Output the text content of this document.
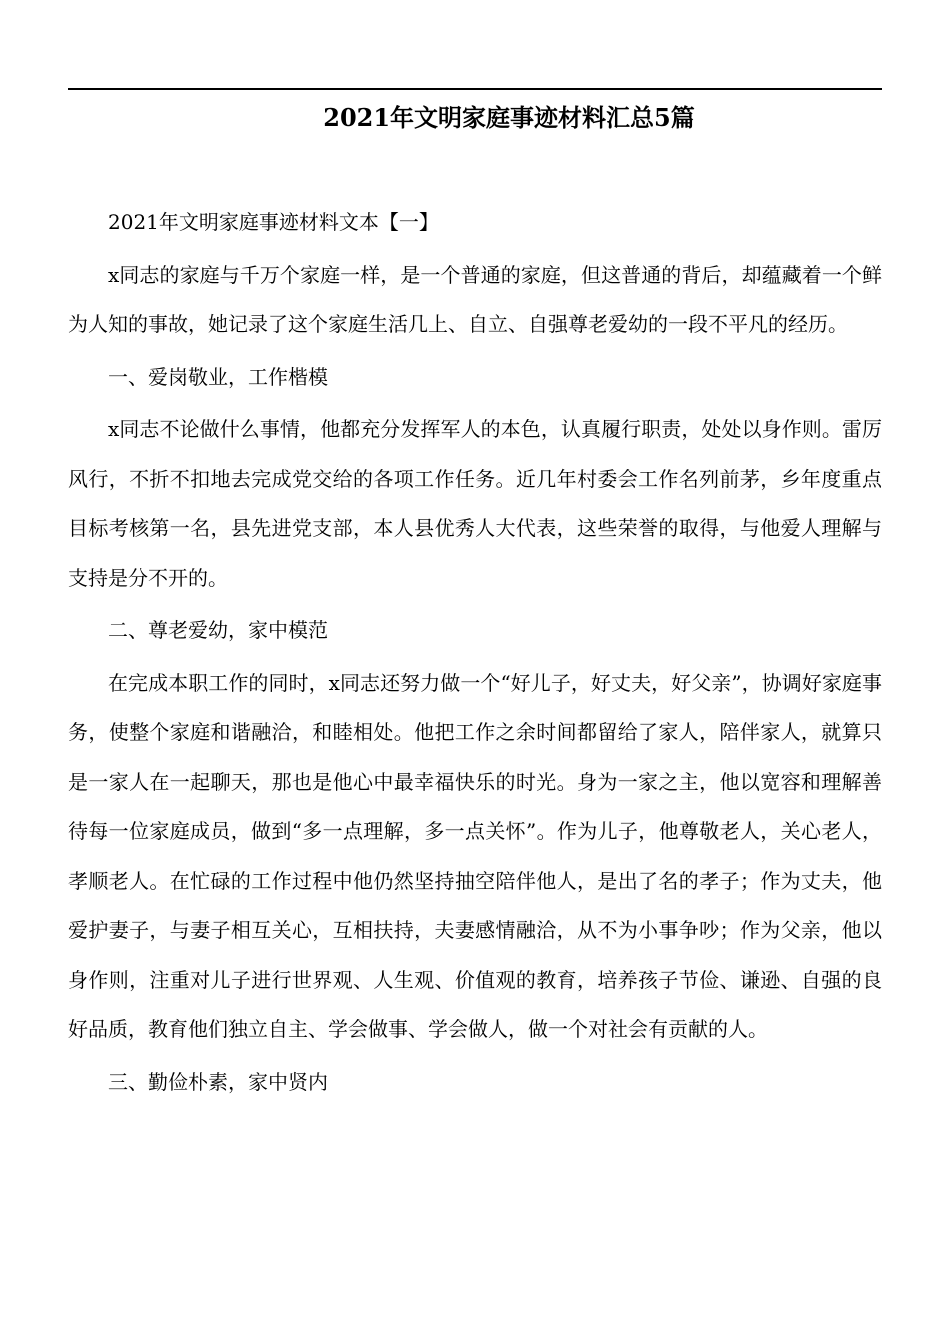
2021年文明家庭事迹材料汇总5篇

2021年文明家庭事迹材料文本【一】

x同志的家庭与千万个家庭一样，是一个普通的家庭，但这普通的背后，却蕴藏着一个鲜为人知的事故，她记录了这个家庭生活几上、自立、自强尊老爱幼的一段不平凡的经历。

一、爱岗敬业，工作楷模

x同志不论做什么事情，他都充分发挥军人的本色，认真履行职责，处处以身作则。雷厉风行，不折不扣地去完成党交给的各项工作任务。近几年村委会工作名列前茅，乡年度重点目标考核第一名，县先进党支部，本人县优秀人大代表，这些荣誉的取得，与他爱人理解与支持是分不开的。

二、尊老爱幼，家中模范

在完成本职工作的同时，x同志还努力做一个“好儿子，好丈夫，好父亲”，协调好家庭事务，使整个家庭和谐融洽，和睦相处。他把工作之余时间都留给了家人，陪伴家人，就算只是一家人在一起聊天，那也是他心中最幸福快乐的时光。身为一家之主，他以宽容和理解善待每一位家庭成员，做到“多一点理解，多一点关怀”。作为儿子，他尊敬老人，关心老人，孝顺老人。在忙碌的工作过程中他仍然坚持抽空陪伴他人，是出了名的孝子；作为丈夫，他爱护妻子，与妻子相互关心，互相扶持，夫妻感情融洽，从不为小事争吵；作为父亲，他以身作则，注重对儿子进行世界观、人生观、价值观的教育，培养孩子节俭、谦逊、自强的良好品质，教育他们独立自主、学会做事、学会做人，做一个对社会有贡献的人。

三、勤俭朴素，家中贤内
